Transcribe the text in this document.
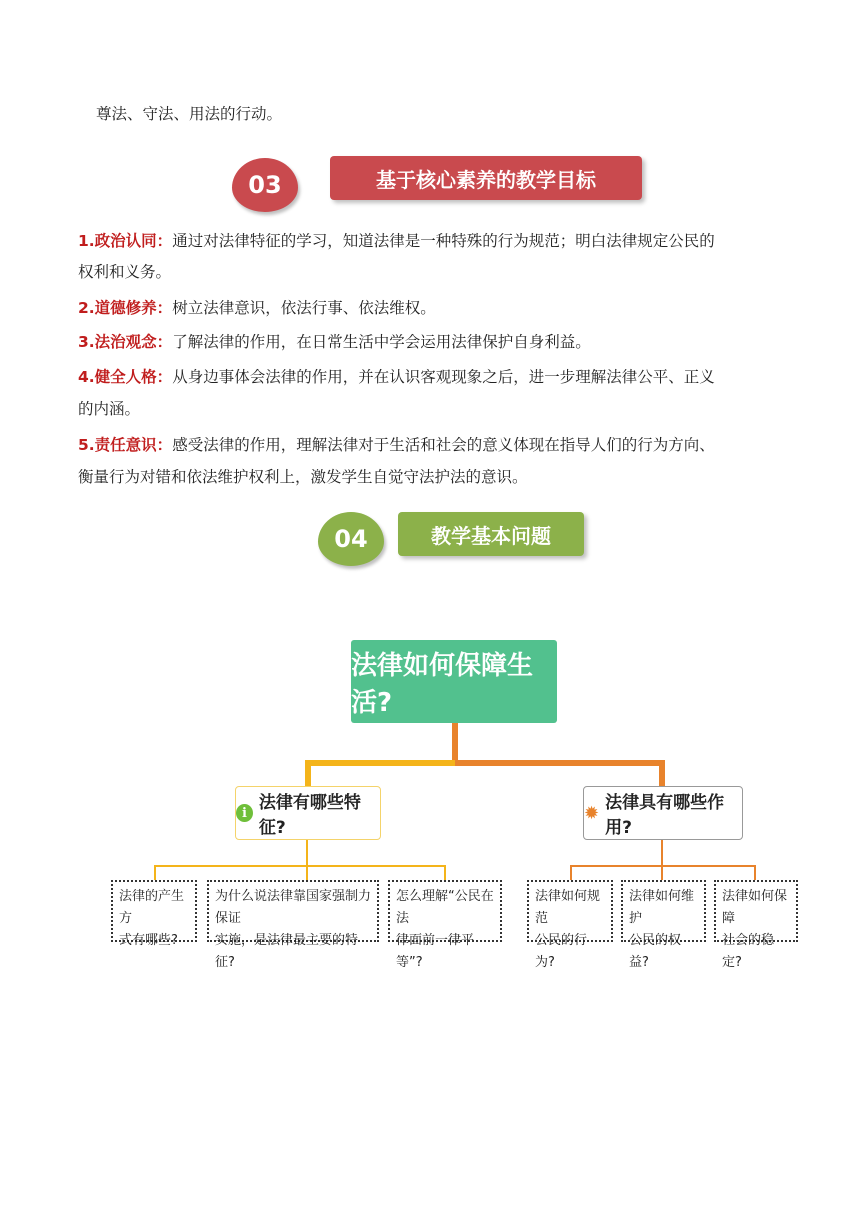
尊法、守法、用法的行动。
03	基于核心素养的教学目标
1.政治认同：通过对法律特征的学习，知道法律是一种特殊的行为规范；明白法律规定公民的
权利和义务。
2.道德修养：树立法律意识，依法行事、依法维权。
3.法治观念：了解法律的作用，在日常生活中学会运用法律保护自身利益。
4.健全人格：从身边事体会法律的作用，并在认识客观现象之后，进一步理解法律公平、正义
的内涵。
5.责任意识：感受法律的作用，理解法律对于生活和社会的意义体现在指导人们的行为方向、
衡量行为对错和依法维护权利上，激发学生自觉守法护法的意识。
04	教学基本问题
法律如何保障生活?
i 法律有哪些特征?
✹ 法律具有哪些作用?
法律的产生方
式有哪些?
为什么说法律靠国家强制力保证
实施，是法律最主要的特征?
怎么理解“公民在法
律面前一律平等”?
法律如何规范
公民的行为?
法律如何维护
公民的权益?
法律如何保障
社会的稳定?
